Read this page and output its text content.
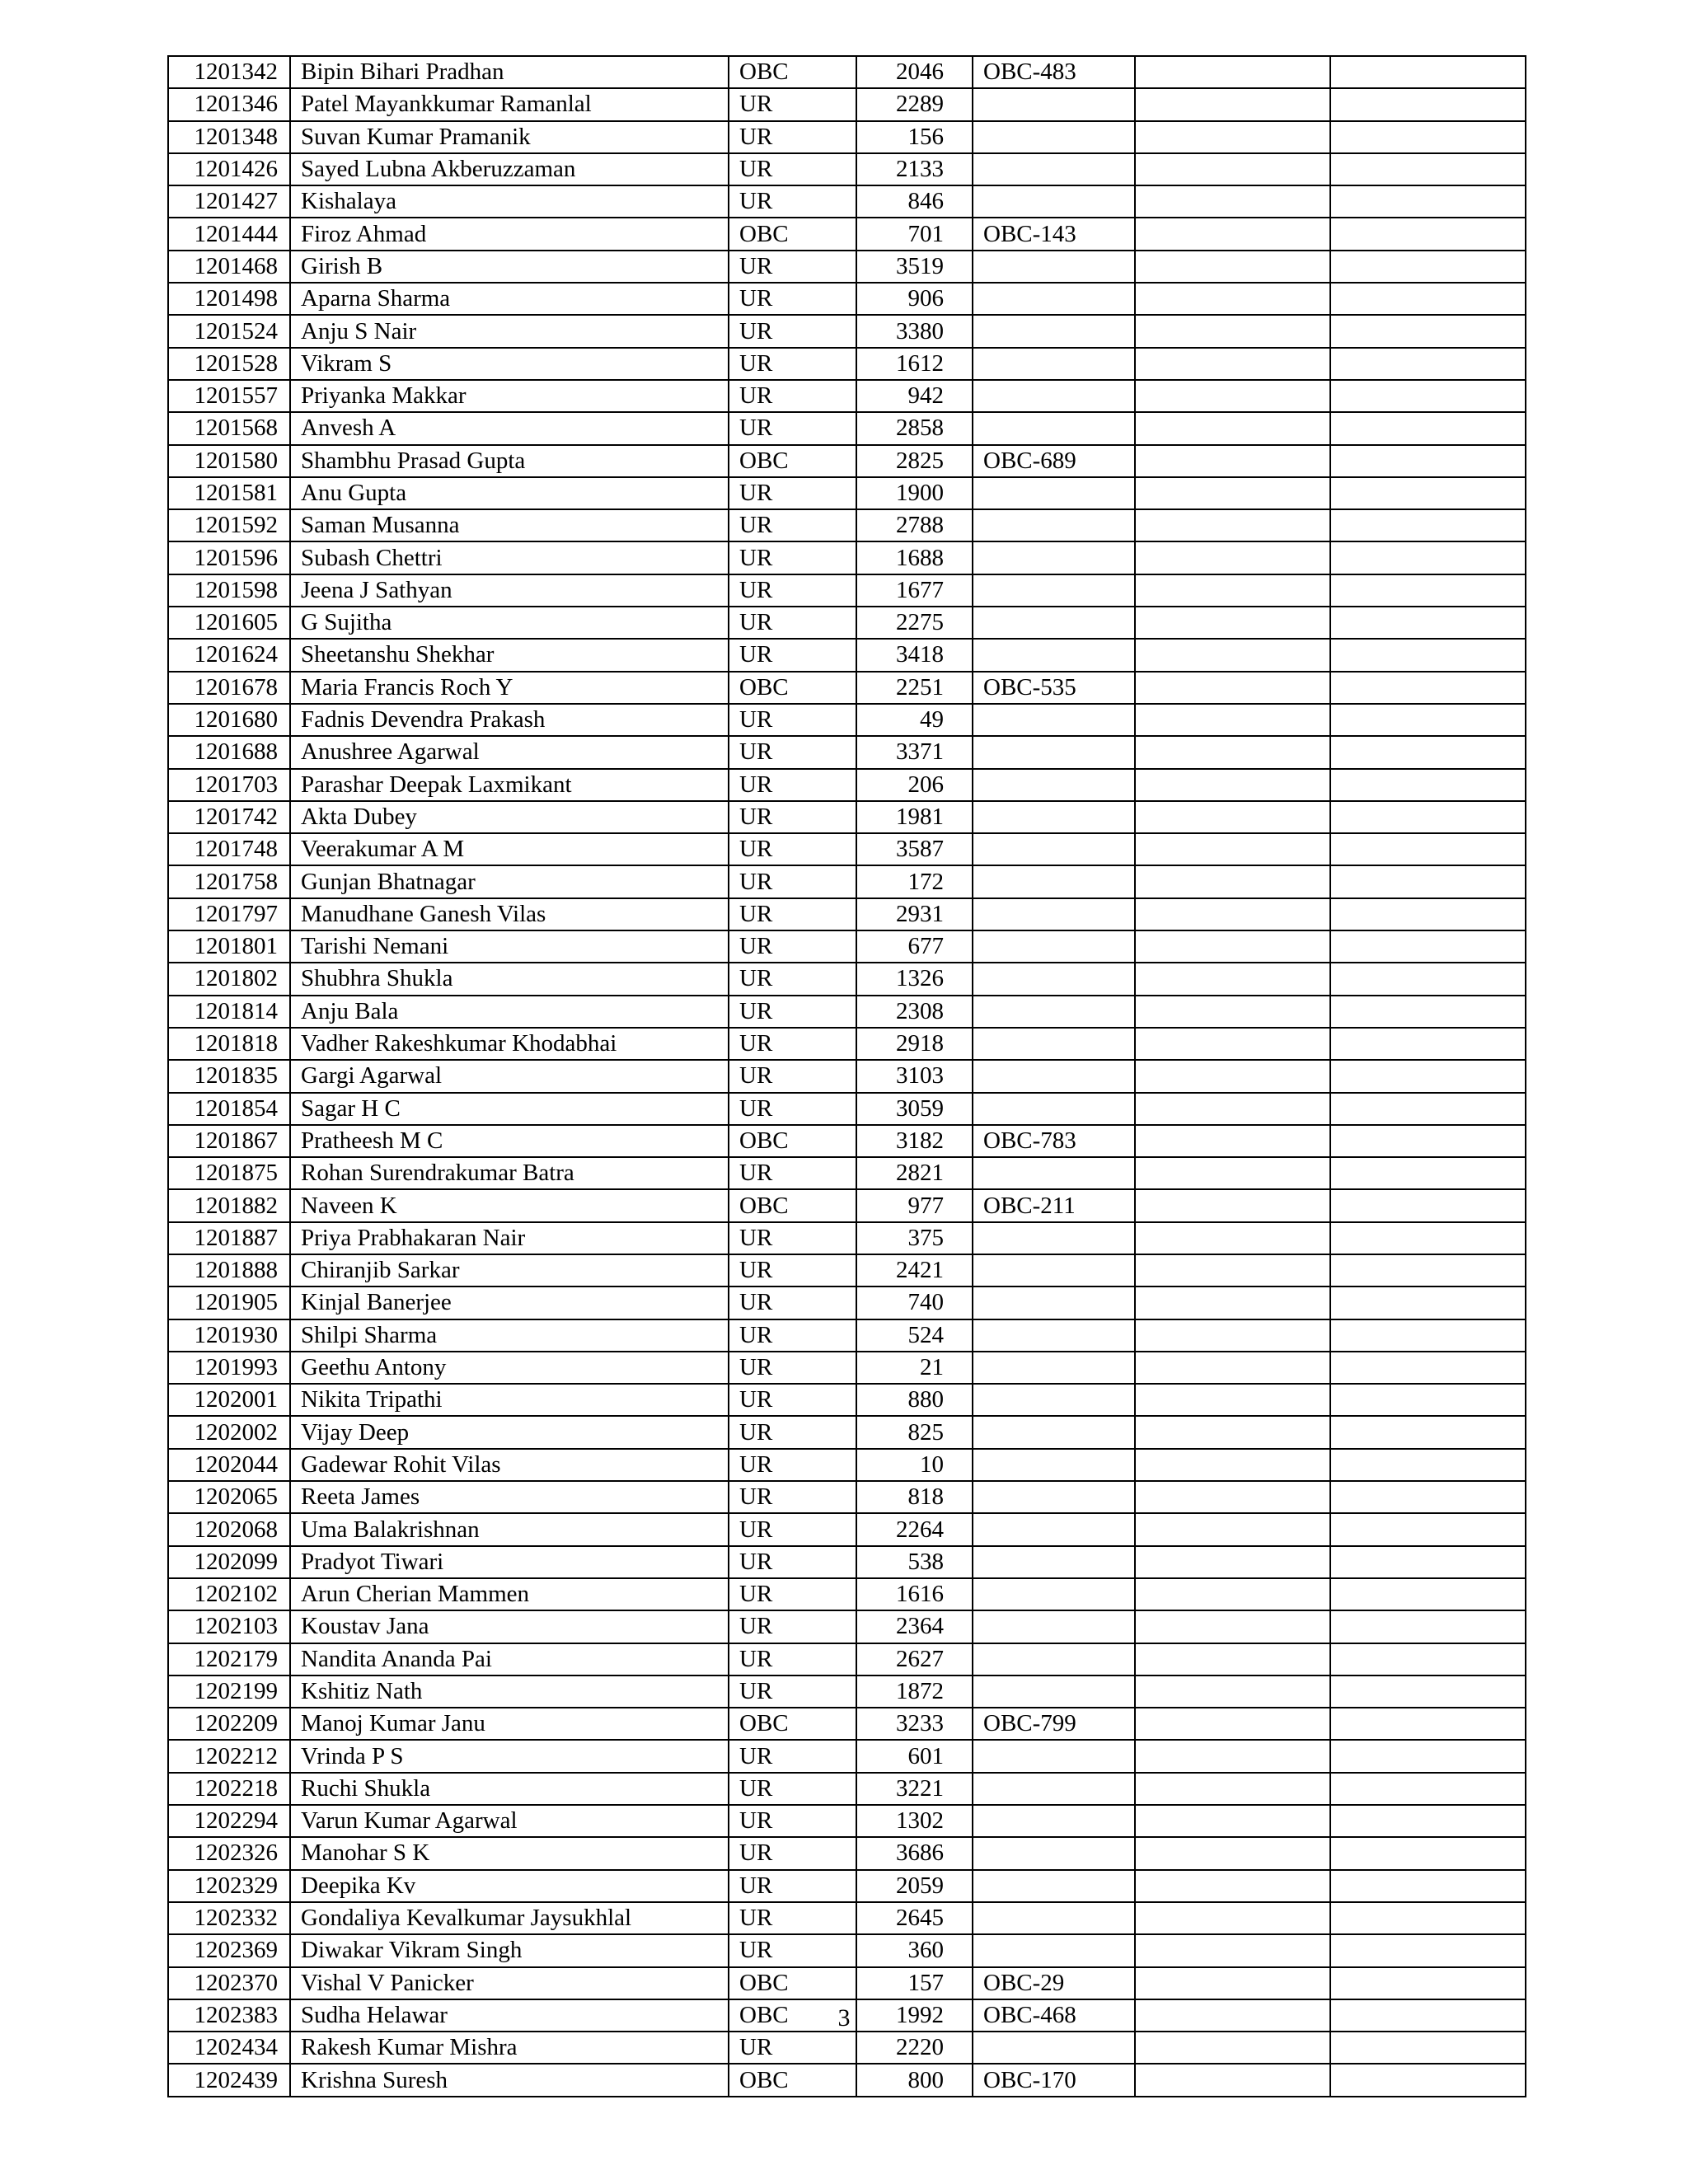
1201342	Bipin Bihari Pradhan	OBC	2046	OBC-483		
1201346	Patel Mayankkumar Ramanlal	UR	2289			
1201348	Suvan Kumar Pramanik	UR	156			
1201426	Sayed Lubna Akberuzzaman	UR	2133			
1201427	Kishalaya	UR	846			
1201444	Firoz Ahmad	OBC	701	OBC-143		
1201468	Girish B	UR	3519			
1201498	Aparna Sharma	UR	906			
1201524	Anju S Nair	UR	3380			
1201528	Vikram S	UR	1612			
1201557	Priyanka Makkar	UR	942			
1201568	Anvesh A	UR	2858			
1201580	Shambhu Prasad Gupta	OBC	2825	OBC-689		
1201581	Anu Gupta	UR	1900			
1201592	Saman Musanna	UR	2788			
1201596	Subash Chettri	UR	1688			
1201598	Jeena J Sathyan	UR	1677			
1201605	G Sujitha	UR	2275			
1201624	Sheetanshu Shekhar	UR	3418			
1201678	Maria Francis Roch Y	OBC	2251	OBC-535		
1201680	Fadnis Devendra Prakash	UR	49			
1201688	Anushree Agarwal	UR	3371			
1201703	Parashar Deepak Laxmikant	UR	206			
1201742	Akta Dubey	UR	1981			
1201748	Veerakumar A M	UR	3587			
1201758	Gunjan Bhatnagar	UR	172			
1201797	Manudhane Ganesh Vilas	UR	2931			
1201801	Tarishi Nemani	UR	677			
1201802	Shubhra Shukla	UR	1326			
1201814	Anju Bala	UR	2308			
1201818	Vadher Rakeshkumar Khodabhai	UR	2918			
1201835	Gargi Agarwal	UR	3103			
1201854	Sagar H C	UR	3059			
1201867	Pratheesh M C	OBC	3182	OBC-783		
1201875	Rohan Surendrakumar Batra	UR	2821			
1201882	Naveen K	OBC	977	OBC-211		
1201887	Priya Prabhakaran Nair	UR	375			
1201888	Chiranjib Sarkar	UR	2421			
1201905	Kinjal Banerjee	UR	740			
1201930	Shilpi Sharma	UR	524			
1201993	Geethu Antony	UR	21			
1202001	Nikita Tripathi	UR	880			
1202002	Vijay Deep	UR	825			
1202044	Gadewar Rohit Vilas	UR	10			
1202065	Reeta James	UR	818			
1202068	Uma Balakrishnan	UR	2264			
1202099	Pradyot Tiwari	UR	538			
1202102	Arun Cherian Mammen	UR	1616			
1202103	Koustav Jana	UR	2364			
1202179	Nandita Ananda Pai	UR	2627			
1202199	Kshitiz Nath	UR	1872			
1202209	Manoj Kumar Janu	OBC	3233	OBC-799		
1202212	Vrinda P S	UR	601			
1202218	Ruchi Shukla	UR	3221			
1202294	Varun Kumar Agarwal	UR	1302			
1202326	Manohar S K	UR	3686			
1202329	Deepika Kv	UR	2059			
1202332	Gondaliya Kevalkumar Jaysukhlal	UR	2645			
1202369	Diwakar Vikram Singh	UR	360			
1202370	Vishal V Panicker	OBC	157	OBC-29		
1202383	Sudha Helawar	OBC	1992	OBC-468		
1202434	Rakesh Kumar Mishra	UR	2220			
1202439	Krishna Suresh	OBC	800	OBC-170		
3
